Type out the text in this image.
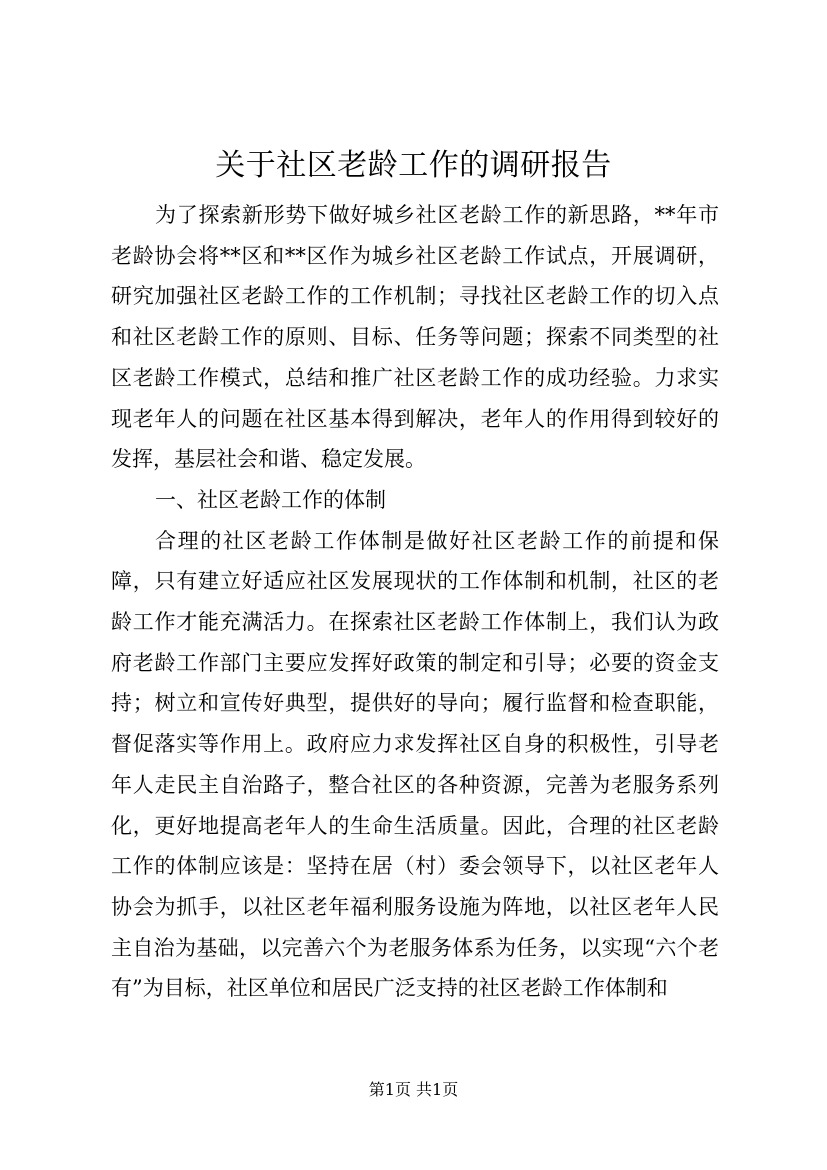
关于社区老龄工作的调研报告

为了探索新形势下做好城乡社区老龄工作的新思路，**年市老龄协会将**区和**区作为城乡社区老龄工作试点，开展调研，研究加强社区老龄工作的工作机制；寻找社区老龄工作的切入点和社区老龄工作的原则、目标、任务等问题；探索不同类型的社区老龄工作模式，总结和推广社区老龄工作的成功经验。力求实现老年人的问题在社区基本得到解决，老年人的作用得到较好的发挥，基层社会和谐、稳定发展。

一、社区老龄工作的体制

合理的社区老龄工作体制是做好社区老龄工作的前提和保障，只有建立好适应社区发展现状的工作体制和机制，社区的老龄工作才能充满活力。在探索社区老龄工作体制上，我们认为政府老龄工作部门主要应发挥好政策的制定和引导；必要的资金支持；树立和宣传好典型，提供好的导向；履行监督和检查职能，督促落实等作用上。政府应力求发挥社区自身的积极性，引导老年人走民主自治路子，整合社区的各种资源，完善为老服务系列化，更好地提高老年人的生命生活质量。因此，合理的社区老龄工作的体制应该是：坚持在居（村）委会领导下，以社区老年人协会为抓手，以社区老年福利服务设施为阵地，以社区老年人民主自治为基础，以完善六个为老服务体系为任务，以实现“六个老有”为目标，社区单位和居民广泛支持的社区老龄工作体制和

第1页 共1页
